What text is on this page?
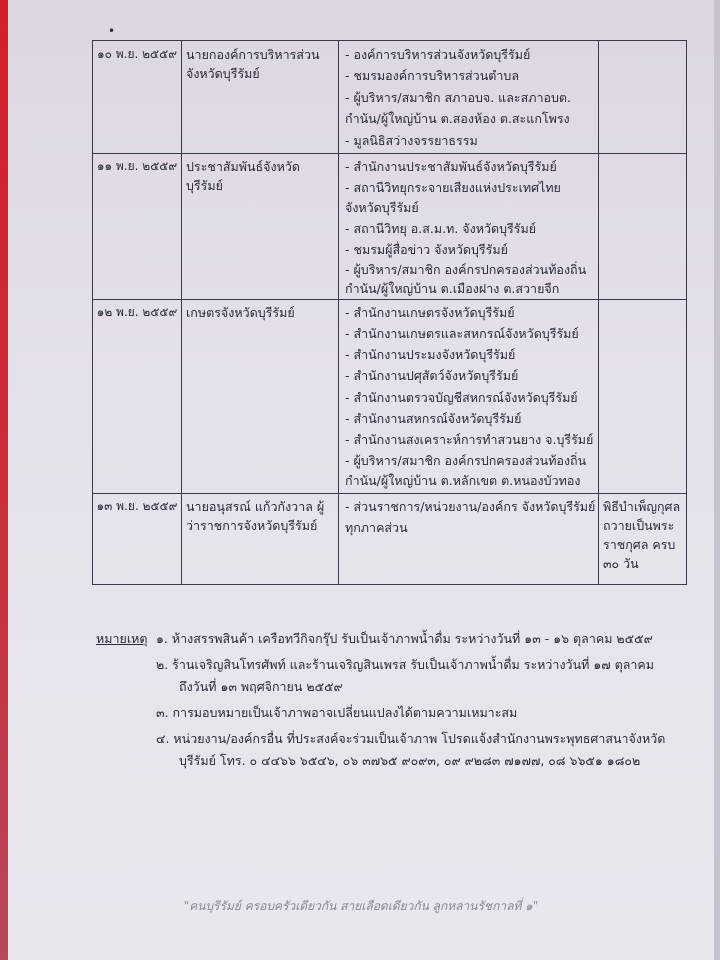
•
๑๐ พ.ย. ๒๕๕๙ นายกองค์การบริหารส่วนจังหวัดบุรีรัมย์
- องค์การบริหารส่วนจังหวัดบุรีรัมย์
- ชมรมองค์การบริหารส่วนตำบล
- ผู้บริหาร/สมาชิก สภาอบจ. และสภาอบต.
กำนัน/ผู้ใหญ่บ้าน ต.สองห้อง ต.สะแกโพรง
- มูลนิธิสว่างจรรยาธรรม
๑๑ พ.ย. ๒๕๕๙ ประชาสัมพันธ์จังหวัดบุรีรัมย์
- สำนักงานประชาสัมพันธ์จังหวัดบุรีรัมย์
- สถานีวิทยุกระจายเสียงแห่งประเทศไทย
จังหวัดบุรีรัมย์
- สถานีวิทยุ อ.ส.ม.ท. จังหวัดบุรีรัมย์
- ชมรมผู้สื่อข่าว จังหวัดบุรีรัมย์
- ผู้บริหาร/สมาชิก องค์กรปกครองส่วนท้องถิ่น
กำนัน/ผู้ใหญ่บ้าน ต.เมืองฝาง ต.สวายจีก
๑๒ พ.ย. ๒๕๕๙ เกษตรจังหวัดบุรีรัมย์	- สำนักงานเกษตรจังหวัดบุรีรัมย์
- สำนักงานเกษตรและสหกรณ์จังหวัดบุรีรัมย์
- สำนักงานประมงจังหวัดบุรีรัมย์
- สำนักงานปศุสัตว์จังหวัดบุรีรัมย์
- สำนักงานตรวจบัญชีสหกรณ์จังหวัดบุรีรัมย์
- สำนักงานสหกรณ์จังหวัดบุรีรัมย์
- สำนักงานสงเคราะห์การทำสวนยาง จ.บุรีรัมย์
- ผู้บริหาร/สมาชิก องค์กรปกครองส่วนท้องถิ่น
กำนัน/ผู้ใหญ่บ้าน ต.หลักเขต ต.หนองบัวทอง
๑๓ พ.ย. ๒๕๕๙ นายอนุสรณ์ แก้วกังวาล ผู้ว่าราชการจังหวัดบุรีรัมย์
- ส่วนราชการ/หน่วยงาน/องค์กร จังหวัดบุรีรัมย์
ทุกภาคส่วน
พิธีบำเพ็ญกุศลถวายเป็นพระราชกุศล ครบ ๓๐ วัน
หมายเหตุ ๑. ห้างสรรพสินค้า เครือทวีกิจกรุ๊ป รับเป็นเจ้าภาพน้ำดื่ม ระหว่างวันที่ ๑๓ - ๑๖ ตุลาคม ๒๕๕๙
๒. ร้านเจริญสินโทรศัพท์ และร้านเจริญสินเพรส รับเป็นเจ้าภาพน้ำดื่ม ระหว่างวันที่ ๑๗ ตุลาคม
ถึงวันที่ ๑๓ พฤศจิกายน ๒๕๕๙
๓. การมอบหมายเป็นเจ้าภาพอาจเปลี่ยนแปลงได้ตามความเหมาะสม
๔. หน่วยงาน/องค์กรอื่น ที่ประสงค์จะร่วมเป็นเจ้าภาพ โปรดแจ้งสำนักงานพระพุทธศาสนาจังหวัด
บุรีรัมย์ โทร. ๐ ๔๔๖๖ ๖๕๔๖, ๐๖ ๓๗๖๕ ๙๐๙๓, ๐๙ ๙๒๘๓ ๗๑๗๗, ๐๘ ๖๖๕๑ ๑๘๐๒
"คนบุรีรัมย์ ครอบครัวเดียวกัน สายเลือดเดียวกัน ลูกหลานรัชกาลที่ ๑"
